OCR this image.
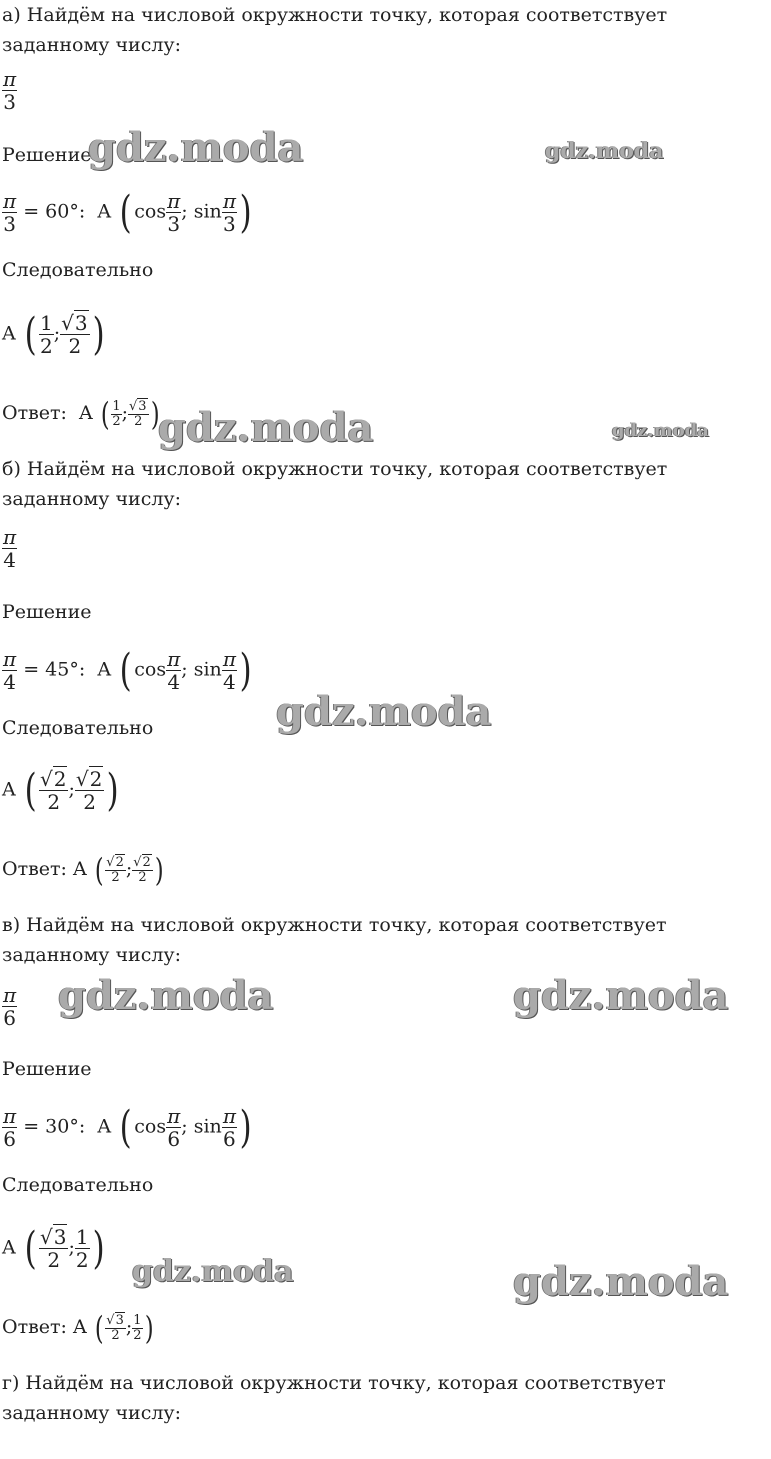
а) Найдём на числовой окружности точку, которая соответствует заданному числу:
$\frac{\pi}{3}$
Решение
$\frac{\pi}{3} = 60^\circ$:  A ( $\cos \frac{\pi}{3}$ ; $\sin \frac{\pi}{3}$ )
Следовательно
A ( $\frac{1}{2}$ ; $\frac{√3}{2}$ )
Ответ: A ( $\frac{1}{2}$ ; $\frac{√3}{2}$ )
б) Найдём на числовой окружности точку, которая соответствует заданному числу:
$\frac{\pi}{4}$
Решение
$\frac{\pi}{4} = 45^\circ$:  A ( $\cos \frac{\pi}{4}$ ; $\sin \frac{\pi}{4}$ )
Следовательно
A ( $\frac{√2}{2}$ ; $\frac{√2}{2}$ )
Ответ: A ( $\frac{√2}{2}$ ; $\frac{√2}{2}$ )
в) Найдём на числовой окружности точку, которая соответствует заданному числу:
$\frac{\pi}{6}$
Решение
$\frac{\pi}{6} = 30^\circ$:  A ( $\cos \frac{\pi}{6}$ ; $\sin \frac{\pi}{6}$ )
Следовательно
A ( $\frac{√3}{2}$ ; $\frac{1}{2}$ )
Ответ: A ( $\frac{√3}{2}$ ; $\frac{1}{2}$ )
г) Найдём на числовой окружности точку, которая соответствует заданному числу:
gdz.moda	gdz.moda
gdz.moda	gdz.moda
gdz.moda
gdz.moda	gdz.moda
gdz.moda	gdz.moda
